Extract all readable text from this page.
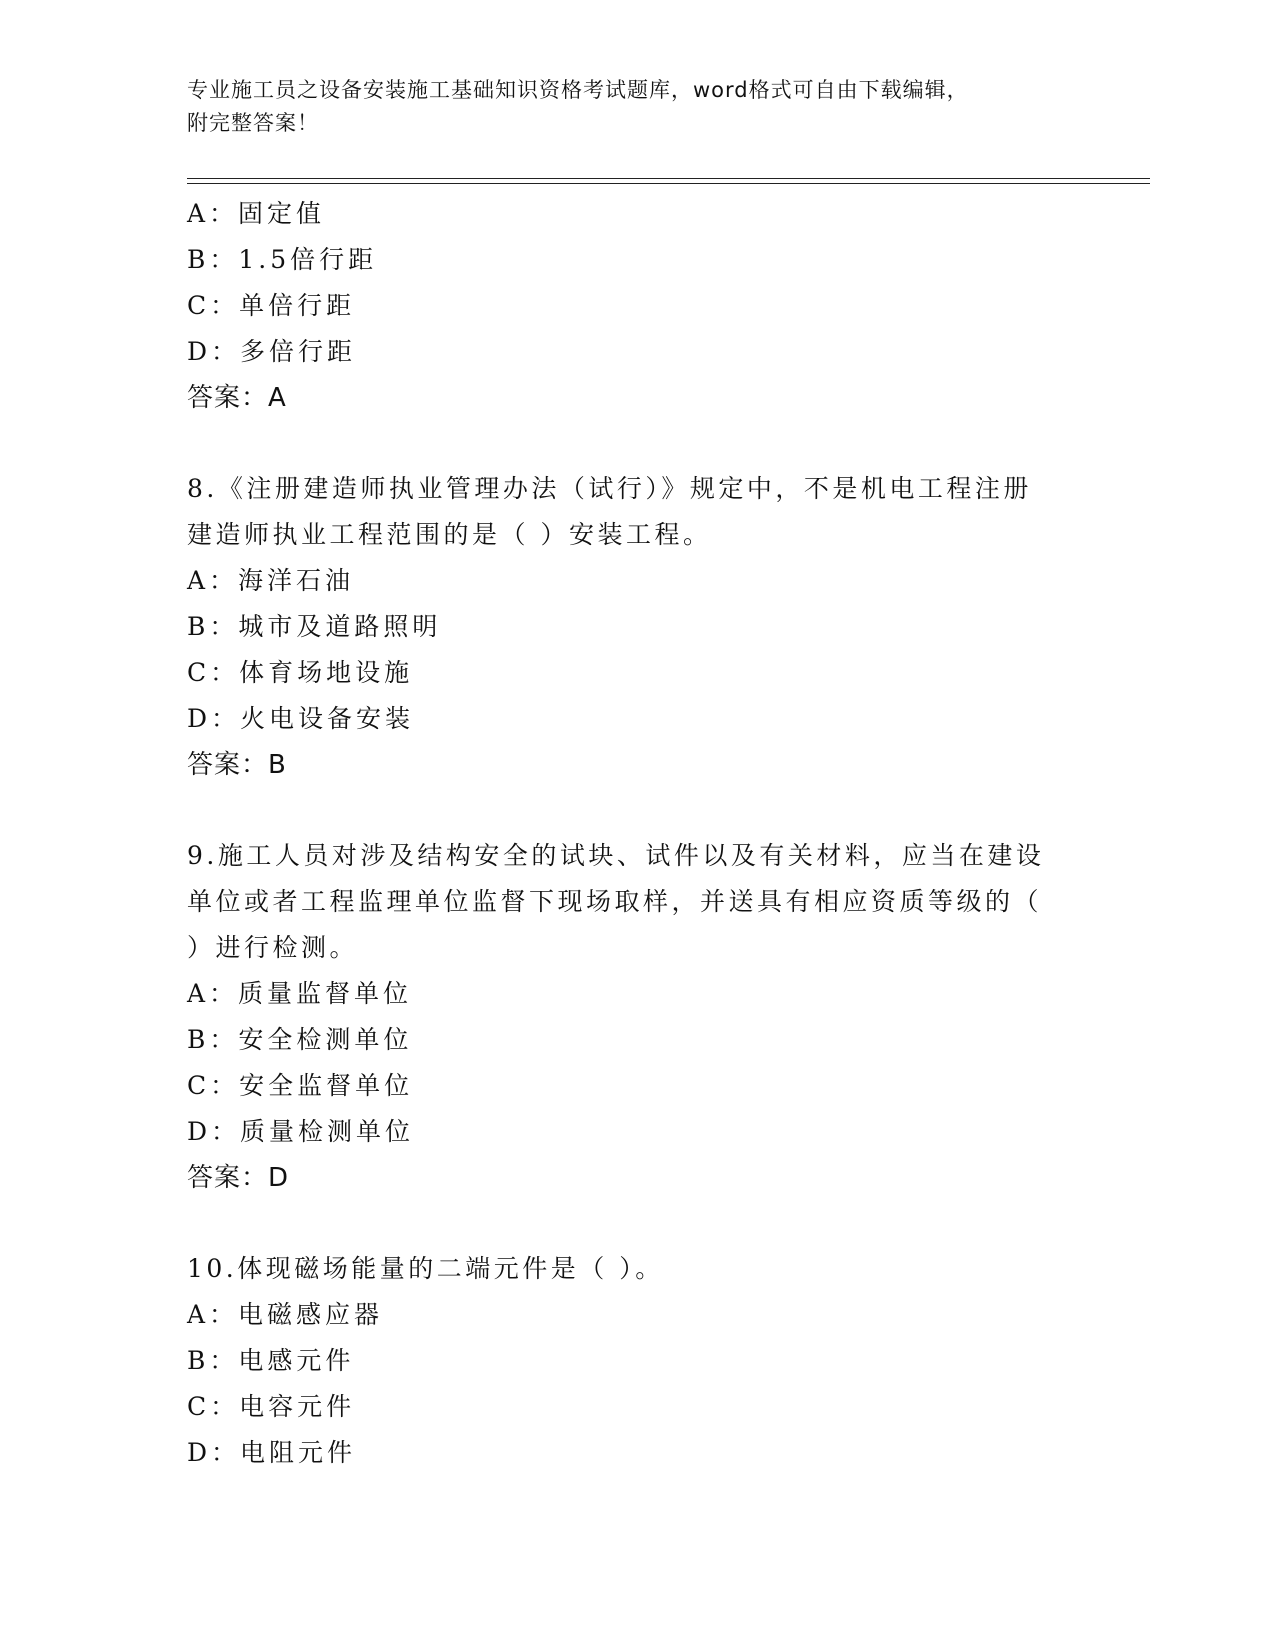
专业施工员之设备安装施工基础知识资格考试题库，word格式可自由下载编辑，
附完整答案！
A：固定值
B：1.5倍行距
C：单倍行距
D：多倍行距
答案：A
8.《注册建造师执业管理办法（试行）》规定中，不是机电工程注册
建造师执业工程范围的是（ ）安装工程。
A：海洋石油
B：城市及道路照明
C：体育场地设施
D：火电设备安装
答案：B
9.施工人员对涉及结构安全的试块、试件以及有关材料，应当在建设
单位或者工程监理单位监督下现场取样，并送具有相应资质等级的（
）进行检测。
A：质量监督单位
B：安全检测单位
C：安全监督单位
D：质量检测单位
答案：D
10.体现磁场能量的二端元件是（ ）。
A：电磁感应器
B：电感元件
C：电容元件
D：电阻元件
